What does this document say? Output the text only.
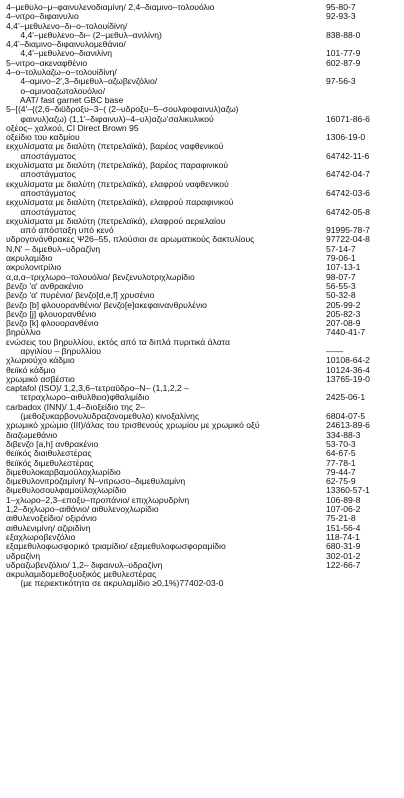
4–μεθυλο–μ–φαινυλενοδιαμίνη/ 2,4–διαμινο–τολουόλιο	95-80-7
4–νιτρο–διφαινυλιο	92-93-3
4,4'–μεθυλενο–δι–ο–τολουίδίνη/
4,4'–μεθυλενο–δι– (2–μεθυλ–ανιλίνη)	838-88-0
4,4'–διαμινο–διφαινυλομεθάνιο/
4,4'–μεθυλενο–διανιλίνη	101-77-9
5–νιτρο–ακεναφθένιο	602-87-9
4–ο–τολυλαζω–ο–τολουίδίνη/
4–αμινο–2',3–διμεθυλ–αζωβενζόλιο/	97-56-3
ο–αμινοαζωτολουόλιο/
AAT/ fast garnet GBC base
5–[(4'–{(2,6–διϋδροξυ–3–( (2–υδροξυ–5–σουλφοφαινυλ)αζω)
φαινυλ)αζω) (1,1'–διφαινυλ)–4–υλ)αζω'σαλικυλικού	16071-86-6
οξέος– χαλκού, CI Direct Brown 95
οξείδιο του καδμίου	1306-19-0
εκχυλίσματα με διαλύτη (πετρελαϊκά), βαρέος ναφθενικού
αποστάγματος	64742-11-6
εκχυλίσματα με διαλύτη (πετρελαϊκά), βαρέος παραφινικού
αποστάγματος	64742-04-7
εκχυλίσματα με διαλύτη (πετρελαϊκά), ελαφρού ναφθενικού
αποστάγματος	64742-03-6
εκχυλίσματα με διαλύτη (πετρελαϊκά), ελαφρού παραφινικού
αποστάγματος	64742-05-8
εκχυλίσματα με διαλύτη (πετρελαϊκά), ελαφρού αεριελαίου
από απόσταξη υπό κενό	91995-78-7
υδρογονάνθρακες Ψ26–55, πλούσιοι σε αρωματικούς δακτυλίους	97722-04-8
Ν,Ν' – διμεθυλ–υδραζίνη	57-14-7
ακρυλαμίδιο	79-06-1
ακρυλονιτρίλιο	107-13-1
α,α,α–τριχλωρο–τολουόλιο/ βενζενυλοτριχλωρίδιο	98-07-7
βενζο 'α' ανθρακένιο	56-55-3
βενζο 'α' πυρένιο/ βενζο[d,e,f] χρυσένιο	50-32-8
βενζο [b] φλουορανθένιο/ βενζο[e]ακεφαινανθρυλένιο	205-99-2
βενζο [j] φλουορανθένιο	205-82-3
βενζο [k] φλουορανθένιο	207-08-9
βηρύλλιο	7440-41-7
ενώσεις του βηρυλλίου, εκτός από τα διπλά πυριτικά άλατα
αργιλίου – βηρυλλίου	——
χλωριούχο κάδμιο	10108-64-2
θειϊκό κάδμιο	10124-36-4
χρωμικό ασβέστιο	13765-19-0
captafol (ISO)/ 1,2,3,6–τετραϋδρο–N– (1,1,2,2 –
τετραχλωρο–αιθυλθειο)φθαλιμίδιο	2425-06-1
carbadox (INN)/ 1,4–διοξείδιο της 2–
(μεθοξυκαρβονυλυδραζονομεθυλο) κινοξαλίνης	6804-07-5
χρωμικό χρώμιο (III)/άλας του τρισθενούς χρωμίου με χρωμικό οξύ	24613-89-6
διαζωμεθάνιο	334-88-3
διβενζο [a,h] ανθρακένιο	53-70-3
θειϊκός διαιθυλεστέρας	64-67-5
θειϊκός διμεθυλεστέρας	77-78-1
διμεθυλοκαρβαμοϋλοχλωρίδιο	79-44-7
διμεθυλονιτροζαμίνη/ N–νιτρωσο–διμεθυλαμίνη	62-75-9
διμεθυλοσουλφαμοϋλοχλωρίδιο	13360-57-1
1–χλωρο–2,3–εποξυ–προπάνιο/ επιχλωρυδρίνη	106-89-8
1,2–διχλωρο–αιθάνιο/ αιθυλενοχλωρίδιο	107-06-2
αιθυλενοξείδιο/ οξιράνιο	75-21-8
αιθυλενιμίνη/ αζιριδίνη	151-56-4
εξαχλωροβενζόλιο	118-74-1
εξαμεθυλοφωσφορικό τριαμίδιο/ εξαμεθυλοφωσφοραμίδιο	680-31-9
υδραζίνη	302-01-2
υδραζωβενζόλιο/ 1,2– διφαινυλ–υδραζίνη	122-66-7
ακρυλαμιδομεθοξυοξικός μεθυλεστέρας
(με περιεκτικότητα σε ακρυλαμίδιο ≥0,1%)77402-03-0
